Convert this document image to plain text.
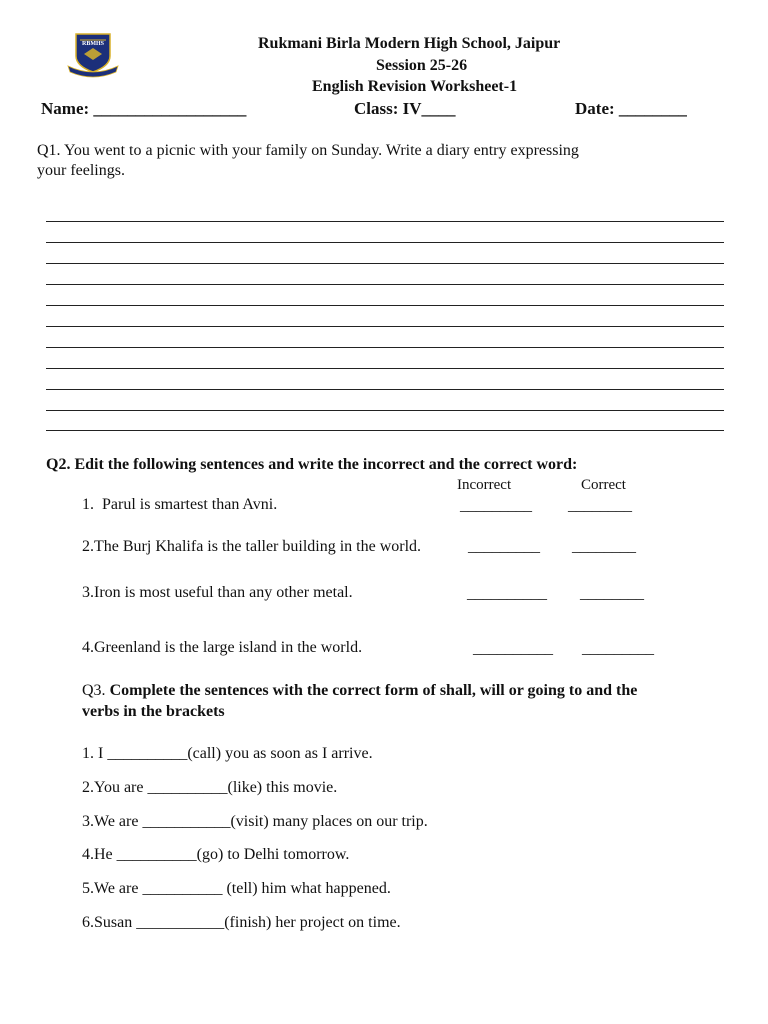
RBMHS	Rukmani Birla Modern High School, Jaipur
Session 25-26
English Revision Worksheet-1
Name: __________________	Class: IV____	Date: ________
Q1. You went to a picnic with your family on Sunday. Write a diary entry expressing
your feelings.
Q2. Edit the following sentences and write the incorrect and the correct word:
Incorrect	Correct
1.  Parul is smartest than Avni.	_________ ________
2.The Burj Khalifa is the taller building in the world.	_________ ________
3.Iron is most useful than any other metal.	__________ ________
4.Greenland is the large island in the world.	__________ _________
Q3. Complete the sentences with the correct form of shall, will or going to and the
verbs in the brackets
1. I __________(call) you as soon as I arrive.
2.You are __________(like) this movie.
3.We are ___________(visit) many places on our trip.
4.He __________(go) to Delhi tomorrow.
5.We are __________ (tell) him what happened.
6.Susan ___________(finish) her project on time.
